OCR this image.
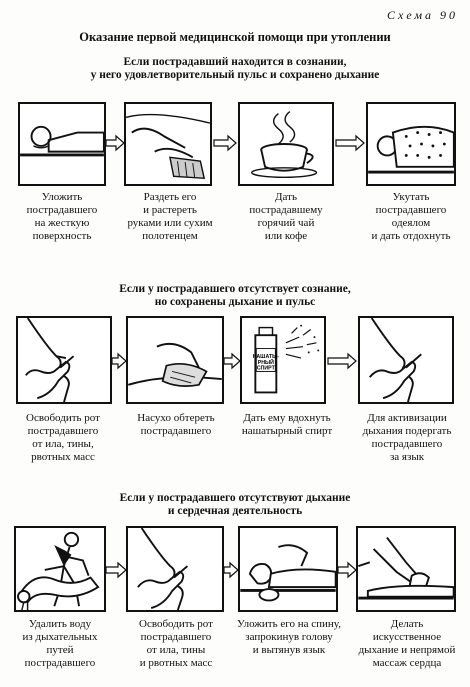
Схема 90
Оказание первой медицинской помощи при утоплении
Если пострадавший находится в сознании,
у него удовлетворительный пульс и сохранено дыхание
Уложить
пострадавшего
на жесткую
поверхность
Раздеть его
и растереть
руками или сухим
полотенцем
Дать
пострадавшему
горячий чай
или кофе
Укутать
пострадавшего
одеялом
и дать отдохнуть
Если у пострадавшего отсутствует сознание,
но сохранены дыхание и пульс
НАШАТЫ-
РНЫЙ
СПИРТ
Освободить рот
пострадавшего
от ила, тины,
рвотных масс
Насухо обтереть
пострадавшего
Дать ему вдохнуть
нашатырный спирт
Для активизации
дыхания подергать
пострадавшего
за язык
Если у пострадавшего отсутствуют дыхание
и сердечная деятельность
Удалить воду
из дыхательных
путей
пострадавшего
Освободить рот
пострадавшего
от ила, тины
и рвотных масс
Уложить его на спину,
запрокинув голову
и вытянув язык
Делать
искусственное
дыхание и непрямой
массаж сердца
